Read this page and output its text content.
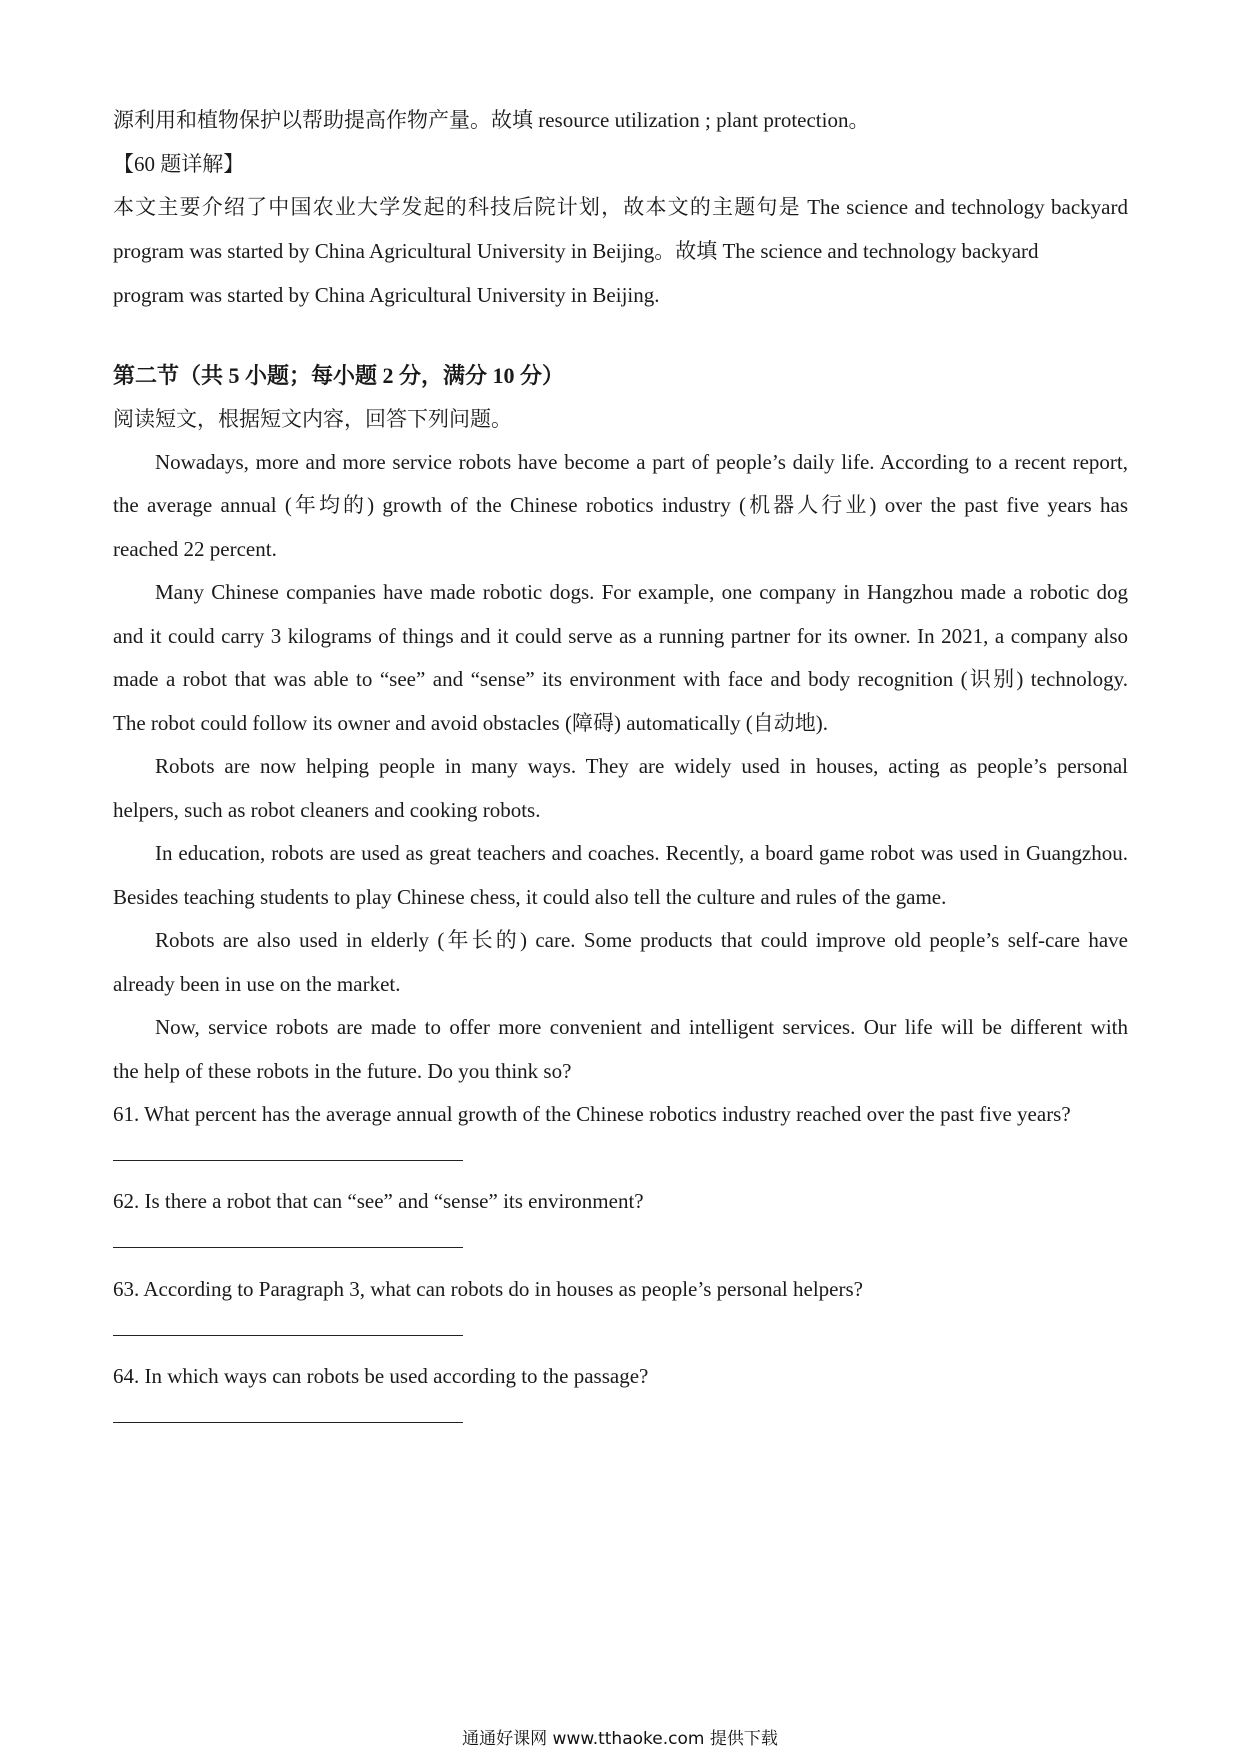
源利用和植物保护以帮助提高作物产量。故填 resource utilization ; plant protection。
【60 题详解】
本文主要介绍了中国农业大学发起的科技后院计划，故本文的主题句是 The science and technology backyard
program was started by China Agricultural University in Beijing。故填 The science and technology backyard
program was started by China Agricultural University in Beijing.
第二节（共 5 小题；每小题 2 分，满分 10 分）
阅读短文，根据短文内容，回答下列问题。
Nowadays, more and more service robots have become a part of people’s daily life. According to a recent report,
the average annual (年均的) growth of the Chinese robotics industry (机器人行业) over the past five years has
reached 22 percent.
Many Chinese companies have made robotic dogs. For example, one company in Hangzhou made a robotic dog
and it could carry 3 kilograms of things and it could serve as a running partner for its owner. In 2021, a company also
made a robot that was able to “see” and “sense” its environment with face and body recognition (识别) technology.
The robot could follow its owner and avoid obstacles (障碍) automatically (自动地).
Robots are now helping people in many ways. They are widely used in houses, acting as people’s personal
helpers, such as robot cleaners and cooking robots.
In education, robots are used as great teachers and coaches. Recently, a board game robot was used in Guangzhou.
Besides teaching students to play Chinese chess, it could also tell the culture and rules of the game.
Robots are also used in elderly (年长的) care. Some products that could improve old people’s self-care have
already been in use on the market.
Now, service robots are made to offer more convenient and intelligent services. Our life will be different with
the help of these robots in the future. Do you think so?
61. What percent has the average annual growth of the Chinese robotics industry reached over the past five years?
62. Is there a robot that can “see” and “sense” its environment?
63. According to Paragraph 3, what can robots do in houses as people’s personal helpers?
64. In which ways can robots be used according to the passage?
通通好课网 www.tthaoke.com 提供下载
